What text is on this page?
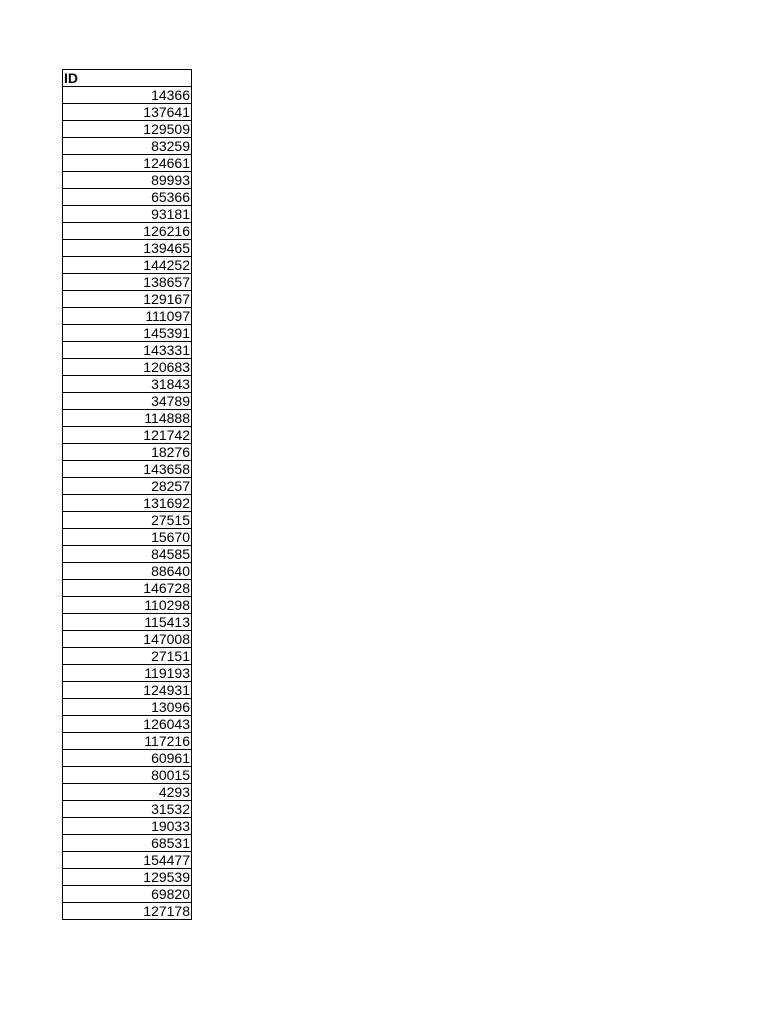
ID
14366
137641
129509
83259
124661
89993
65366
93181
126216
139465
144252
138657
129167
111097
145391
143331
120683
31843
34789
114888
121742
18276
143658
28257
131692
27515
15670
84585
88640
146728
110298
115413
147008
27151
119193
124931
13096
126043
117216
60961
80015
4293
31532
19033
68531
154477
129539
69820
127178
